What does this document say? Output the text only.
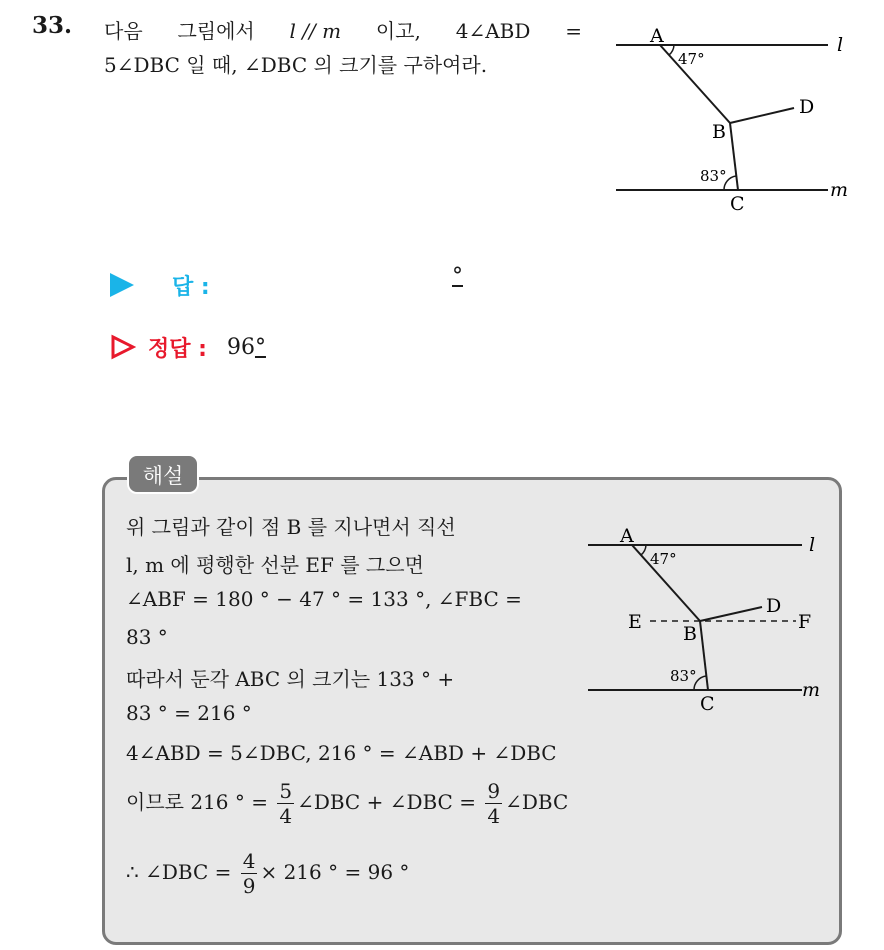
33. 다음 그림에서 l // m 이고, 4∠ABD =
5∠DBC 일 때, ∠DBC 의 크기를 구하여라.
A
B
C
D
l
m
47°
83°
답 :	°
정답 : 96°
해설
위 그림과 같이 점 B 를 지나면서 직선
l, m 에 평행한 선분 EF 를 그으면
∠ABF = 180 ° − 47 ° = 133 °, ∠FBC =
83 °
따라서 둔각 ABC 의 크기는 133 ° +
83 ° = 216 °
4∠ABD = 5∠DBC, 216 ° = ∠ABD + ∠DBC
이므로 216 ° = $\frac{5}{4}$ ∠DBC + ∠DBC = $\frac{9}{4}$ ∠DBC
∴ ∠DBC = $\frac{4}{9} \times 216$ ° = 96 °
A
B
C
D
E	F
l
m
47°
83°
